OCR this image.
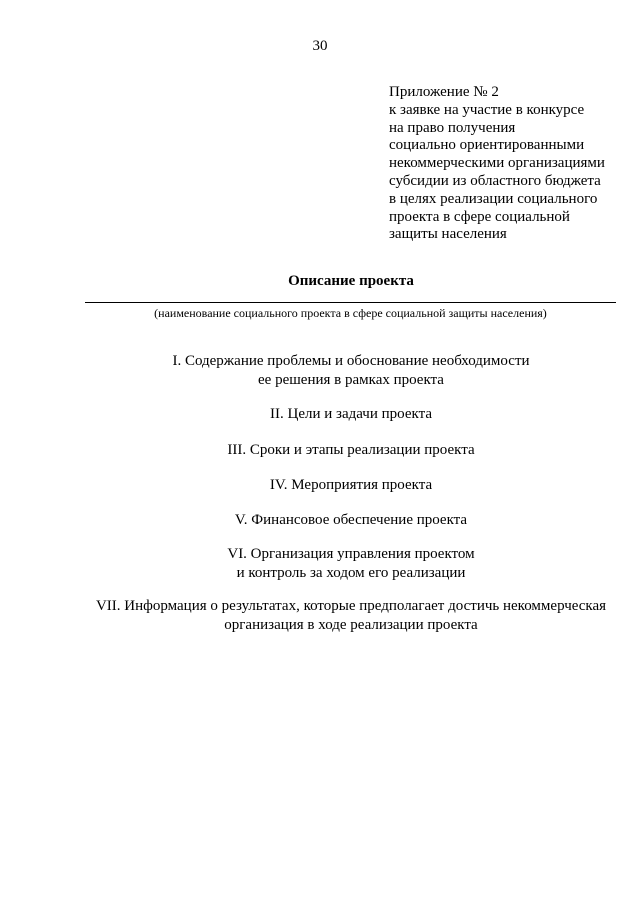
30
Приложение № 2
к заявке на участие в конкурсе
на право получения
социально ориентированными
некоммерческими организациями
субсидии из областного бюджета
в целях реализации социального
проекта в сфере социальной
защиты населения
Описание проекта
(наименование социального проекта в сфере социальной защиты населения)
I. Содержание проблемы и обоснование необходимости
ее решения в рамках проекта
II. Цели и задачи проекта
III. Сроки и этапы реализации проекта
IV. Мероприятия проекта
V. Финансовое обеспечение проекта
VI. Организация управления проектом
и контроль за ходом его реализации
VII. Информация о результатах, которые предполагает достичь некоммерческая
организация в ходе реализации проекта
